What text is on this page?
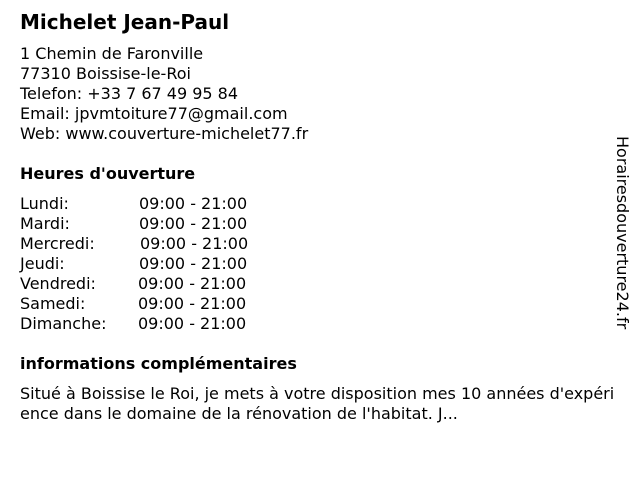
Michelet Jean-Paul
1 Chemin de Faronville
77310 Boissise-le-Roi
Telefon: +33 7 67 49 95 84
Email: jpvmtoiture77@gmail.com
Web: www.couverture-michelet77.fr
Heures d'ouverture
Lundi:	09:00 - 21:00
Mardi:	09:00 - 21:00
Mercredi:	09:00 - 21:00
Jeudi:	09:00 - 21:00
Vendredi:	09:00 - 21:00
Samedi:	09:00 - 21:00
Dimanche: 09:00 - 21:00
informations complémentaires
Situé à Boissise le Roi, je mets à votre disposition mes 10 années d'expérience dans le domaine de la rénovation de l'habitat. J...
Horairesdouverture24.fr
